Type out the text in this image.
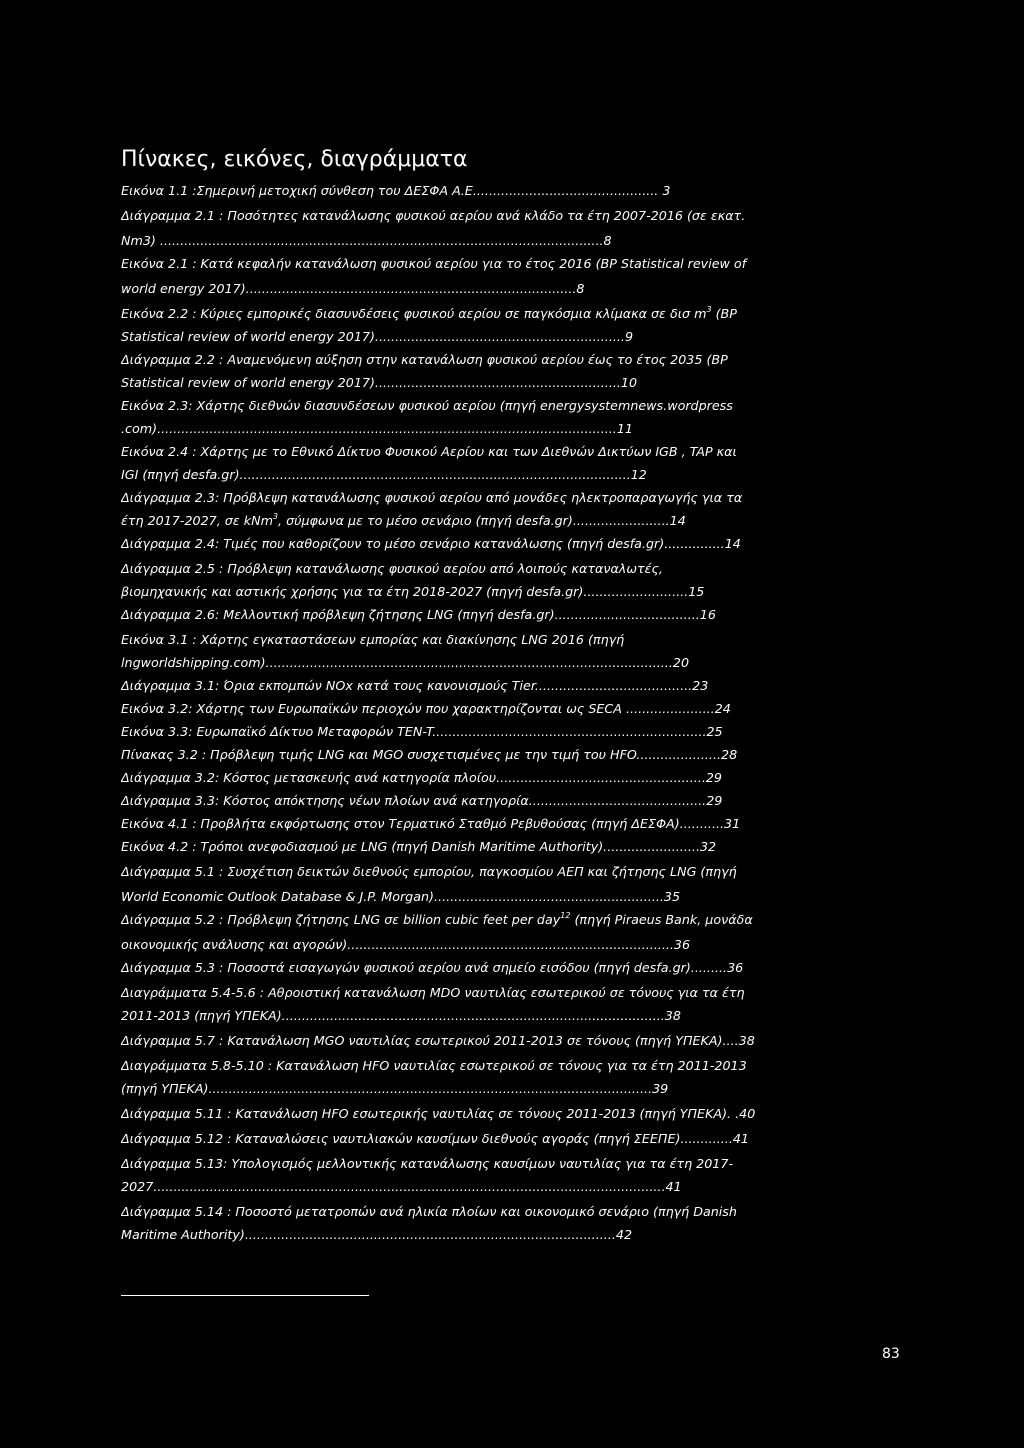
Πίνακες, εικόνες, διαγράμματα
Εικόνα 1.1 :Σημερινή μετοχική σύνθεση του ΔΕΣΦΑ Α.Ε.............................................. 3
Διάγραμμα 2.1 : Ποσότητες κατανάλωσης φυσικού αερίου ανά κλάδο τα έτη 2007-2016 (σε εκατ.
Nm3) ..............................................................................................................8
Εικόνα 2.1 : Κατά κεφαλήν κατανάλωση φυσικού αερίου για το έτος 2016 (BP Statistical review of
world energy 2017)..................................................................................8
Εικόνα 2.2 : Κύριες εμπορικές διασυνδέσεις φυσικού αερίου σε παγκόσμια κλίμακα σε δισ $m^3$ (BP
Statistical review of world energy 2017)..............................................................9
Διάγραμμα 2.2 : Αναμενόμενη αύξηση στην κατανάλωση φυσικού αερίου έως το έτος 2035 (BP
Statistical review of world energy 2017).............................................................10
Εικόνα 2.3: Χάρτης διεθνών διασυνδέσεων φυσικού αερίου (πηγή energysystemnews.wordpress
.com)..................................................................................................................11
Εικόνα 2.4 : Χάρτης με το Εθνικό Δίκτυο Φυσικού Αερίου και των Διεθνών Δικτύων IGB , TAP και
IGI (πηγή desfa.gr).................................................................................................12
Διάγραμμα 2.3: Πρόβλεψη κατανάλωσης φυσικού αερίου από μονάδες ηλεκτροπαραγωγής για τα
έτη 2017-2027, σε kNm$^3$, σύμφωνα με το μέσο σενάριο (πηγή desfa.gr)........................14
Διάγραμμα 2.4: Τιμές που καθορίζουν το μέσο σενάριο κατανάλωσης (πηγή desfa.gr)...............14
Διάγραμμα 2.5 : Πρόβλεψη κατανάλωσης φυσικού αερίου από λοιπούς καταναλωτές,
βιομηχανικής και αστικής χρήσης για τα έτη 2018-2027 (πηγή desfa.gr)..........................15
Διάγραμμα 2.6: Μελλοντική πρόβλεψη ζήτησης LNG (πηγή desfa.gr)....................................16
Εικόνα 3.1 : Χάρτης εγκαταστάσεων εμπορίας και διακίνησης LNG 2016 (πηγή
lngworldshipping.com).....................................................................................................20
Διάγραμμα 3.1: Όρια εκπομπών NOx κατά τους κανονισμούς Tier.......................................23
Εικόνα 3.2: Χάρτης των Ευρωπαϊκών περιοχών που χαρακτηρίζονται ως SECA ......................24
Εικόνα 3.3: Ευρωπαϊκό Δίκτυο Μεταφορών TEN-T....................................................................25
Πίνακας 3.2 : Πρόβλεψη τιμής LNG και MGO συσχετισμένες με την τιμή του HFO.....................28
Διάγραμμα 3.2: Κόστος μετασκευής ανά κατηγορία πλοίου....................................................29
Διάγραμμα 3.3: Κόστος απόκτησης νέων πλοίων ανά κατηγορία............................................29
Εικόνα 4.1 : Προβλήτα εκφόρτωσης στον Τερματικό Σταθμό Ρεβυθούσας (πηγή ΔΕΣΦΑ)...........31
Εικόνα 4.2 : Τρόποι ανεφοδιασμού με LNG (πηγή Danish Maritime Authority)........................32
Διάγραμμα 5.1 : Συσχέτιση δεικτών διεθνούς εμπορίου, παγκοσμίου ΑΕΠ και ζήτησης LNG (πηγή
World Economic Outlook Database & J.P. Morgan).........................................................35
Διάγραμμα 5.2 : Πρόβλεψη ζήτησης LNG σε billion cubic feet per day$^{12}$ (πηγή Piraeus Bank, μονάδα
οικονομικής ανάλυσης και αγορών).................................................................................36
Διάγραμμα 5.3 : Ποσοστά εισαγωγών φυσικού αερίου ανά σημείο εισόδου (πηγή desfa.gr).........36
Διαγράμματα 5.4-5.6 : Αθροιστική κατανάλωση MDO ναυτιλίας εσωτερικού σε τόνους για τα έτη
2011-2013 (πηγή ΥΠΕΚΑ)...............................................................................................38
Διάγραμμα 5.7 : Κατανάλωση MGO ναυτιλίας εσωτερικού 2011-2013 σε τόνους (πηγή ΥΠΕΚΑ)....38
Διαγράμματα 5.8-5.10 : Κατανάλωση HFO ναυτιλίας εσωτερικού σε τόνους για τα έτη 2011-2013
(πηγή ΥΠΕΚΑ)..............................................................................................................39
Διάγραμμα 5.11 : Κατανάλωση HFO εσωτερικής ναυτιλίας σε τόνους 2011-2013 (πηγή ΥΠΕΚΑ). .40
Διάγραμμα 5.12 : Καταναλώσεις ναυτιλιακών καυσίμων διεθνούς αγοράς (πηγή ΣΕΕΠΕ).............41
Διάγραμμα 5.13: Υπολογισμός μελλοντικής κατανάλωσης καυσίμων ναυτιλίας για τα έτη 2017-
2027...............................................................................................................................41
Διάγραμμα 5.14 : Ποσοστό μετατροπών ανά ηλικία πλοίων και οικονομικό σενάριο (πηγή Danish
Maritime Authority)............................................................................................42
83
